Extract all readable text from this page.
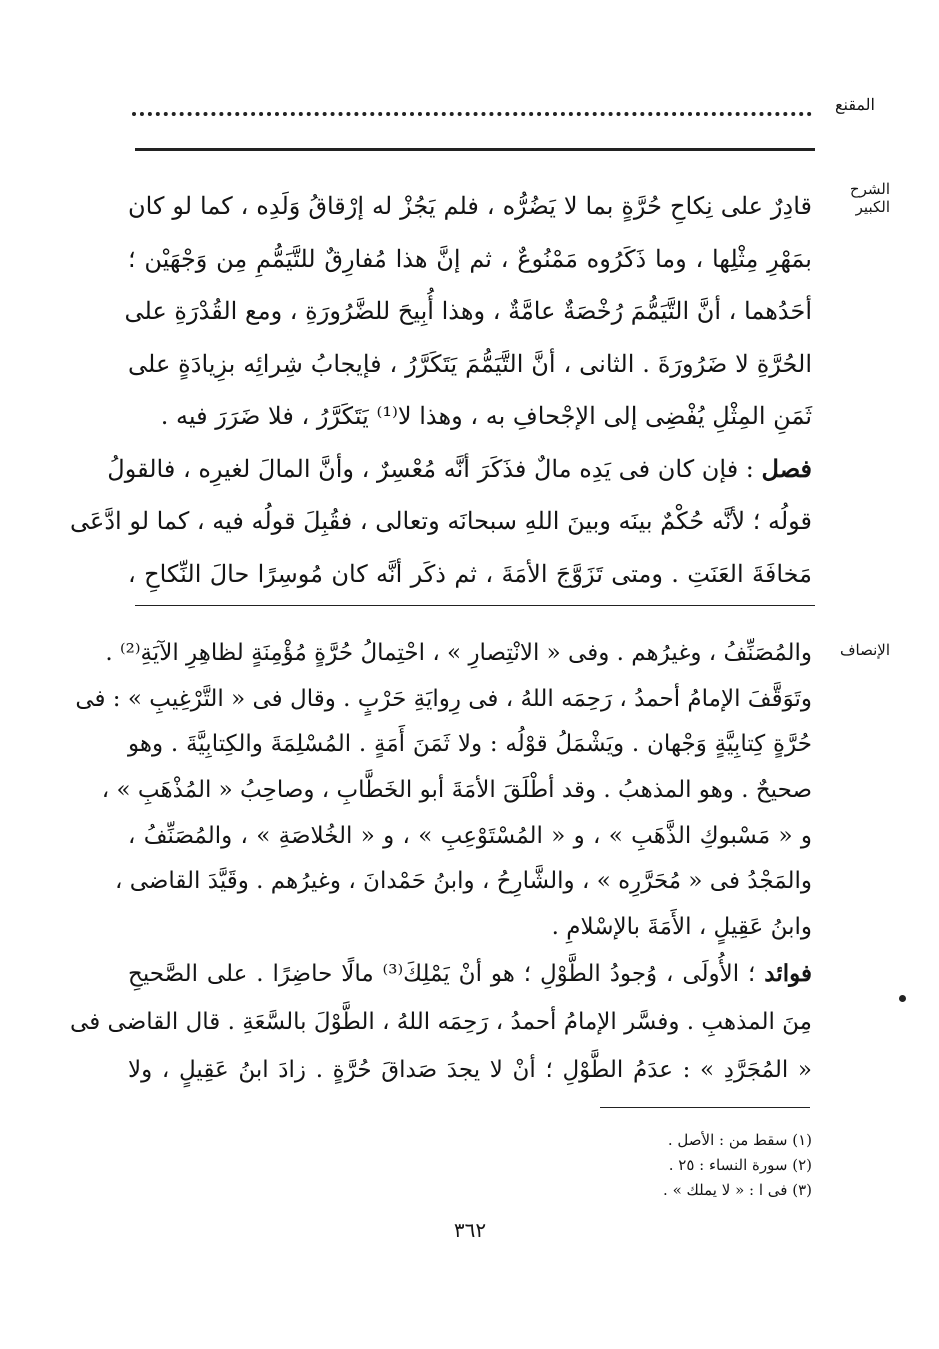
المقنع
الشرح الكبير
قادِرٌ على نِكاحِ حُرَّةٍ بما لا يَضُرُّه ، فلم يَجُزْ له إرْقاقُ وَلَدِه ، كما لو كان
بمَهْرِ مِثْلِها ، وما ذَكَرُوه مَمْنُوعٌ ، ثم إنَّ هذا مُفارِقٌ للتَّيَمُّمِ مِن وَجْهَيْن ؛
أحَدُهما ، أنَّ التَّيَمُّمَ رُخْصَةٌ عامَّةٌ ، وهذا أُبِيحَ للضَّرُورَةِ ، ومع القُدْرَةِ على
الحُرَّةِ لا ضَرُورَةَ . الثانى ، أنَّ التَّيَمُّمَ يَتَكَرَّرُ ، فإيجابُ شِرائِه بزِيادَةٍ على
ثَمَنِ المِثْلِ يُفْضِى إلى الإجْحافِ به ، وهذا لا⁽¹⁾ يَتَكَرَّرُ ، فلا ضَرَرَ فيه .
فصل : فإن كان فى يَدِه مالٌ فذَكَرَ أنَّه مُعْسِرٌ ، وأنَّ المالَ لغيرِه ، فالقولُ
قولُه ؛ لأنَّه حُكْمٌ بينَه وبينَ اللهِ سبحانَه وتعالى ، فقُبِلَ قولُه فيه ، كما لو ادَّعَى
مَخافَةَ العَنَتِ . ومتى تَزَوَّجَ الأمَةَ ، ثم ذكَر أنَّه كان مُوسِرًا حالَ النِّكاحِ ،
الإنصاف
والمُصَنِّفُ ، وغيرُهم . وفى « الانْتِصارِ » ، احْتِمالُ حُرَّةٍ مُؤْمِنَةٍ لظاهِرِ الآيَةِ⁽²⁾ .
وتَوَقَّفَ الإمامُ أحمدُ ، رَحِمَه اللهُ ، فى رِوايَةِ حَرْبٍ . وقال فى « التَّرْغِيبِ » : فى
حُرَّةٍ كِتابِيَّةٍ وَجْهان . ويَشْمَلُ قوْلُه : ولا ثَمَنَ أَمَةٍ . المُسْلِمَةَ والكِتابِيَّةَ . وهو
صحيحٌ . وهو المذهبُ . وقد أطْلَقَ الأمَةَ أبو الخَطَّابِ ، وصاحِبُ « المُذْهَبِ » ،
و « مَسْبوكِ الذَّهَبِ » ، و « المُسْتَوْعِبِ » ، و « الخُلاصَةِ » ، والمُصَنِّفُ ،
والمَجْدُ فى « مُحَرَّرِه » ، والشَّارِحُ ، وابنُ حَمْدانَ ، وغيرُهم . وقَيَّدَ القاضى ،
وابنُ عَقِيلٍ ، الأَمَةَ بالإسْلامِ .
فوائد ؛ الأُولَى ، وُجودُ الطَّوْلِ ؛ هو أنْ يَمْلِكَ⁽³⁾ مالًا حاضِرًا . على الصَّحيحِ
مِنَ المذهبِ . وفسَّر الإمامُ أحمدُ ، رَحِمَه اللهُ ، الطَّوْلَ بالسَّعَةِ . قال القاضى فى
« المُجَرَّدِ » : عدَمُ الطَّوْلِ ؛ أنْ لا يجدَ صَداقَ حُرَّةٍ . زادَ ابنُ عَقِيلٍ ، ولا
(١) سقط من : الأصل .
(٢) سورة النساء : ٢٥ .
(٣) فى ا : « لا يملك » .
٣٦٢
